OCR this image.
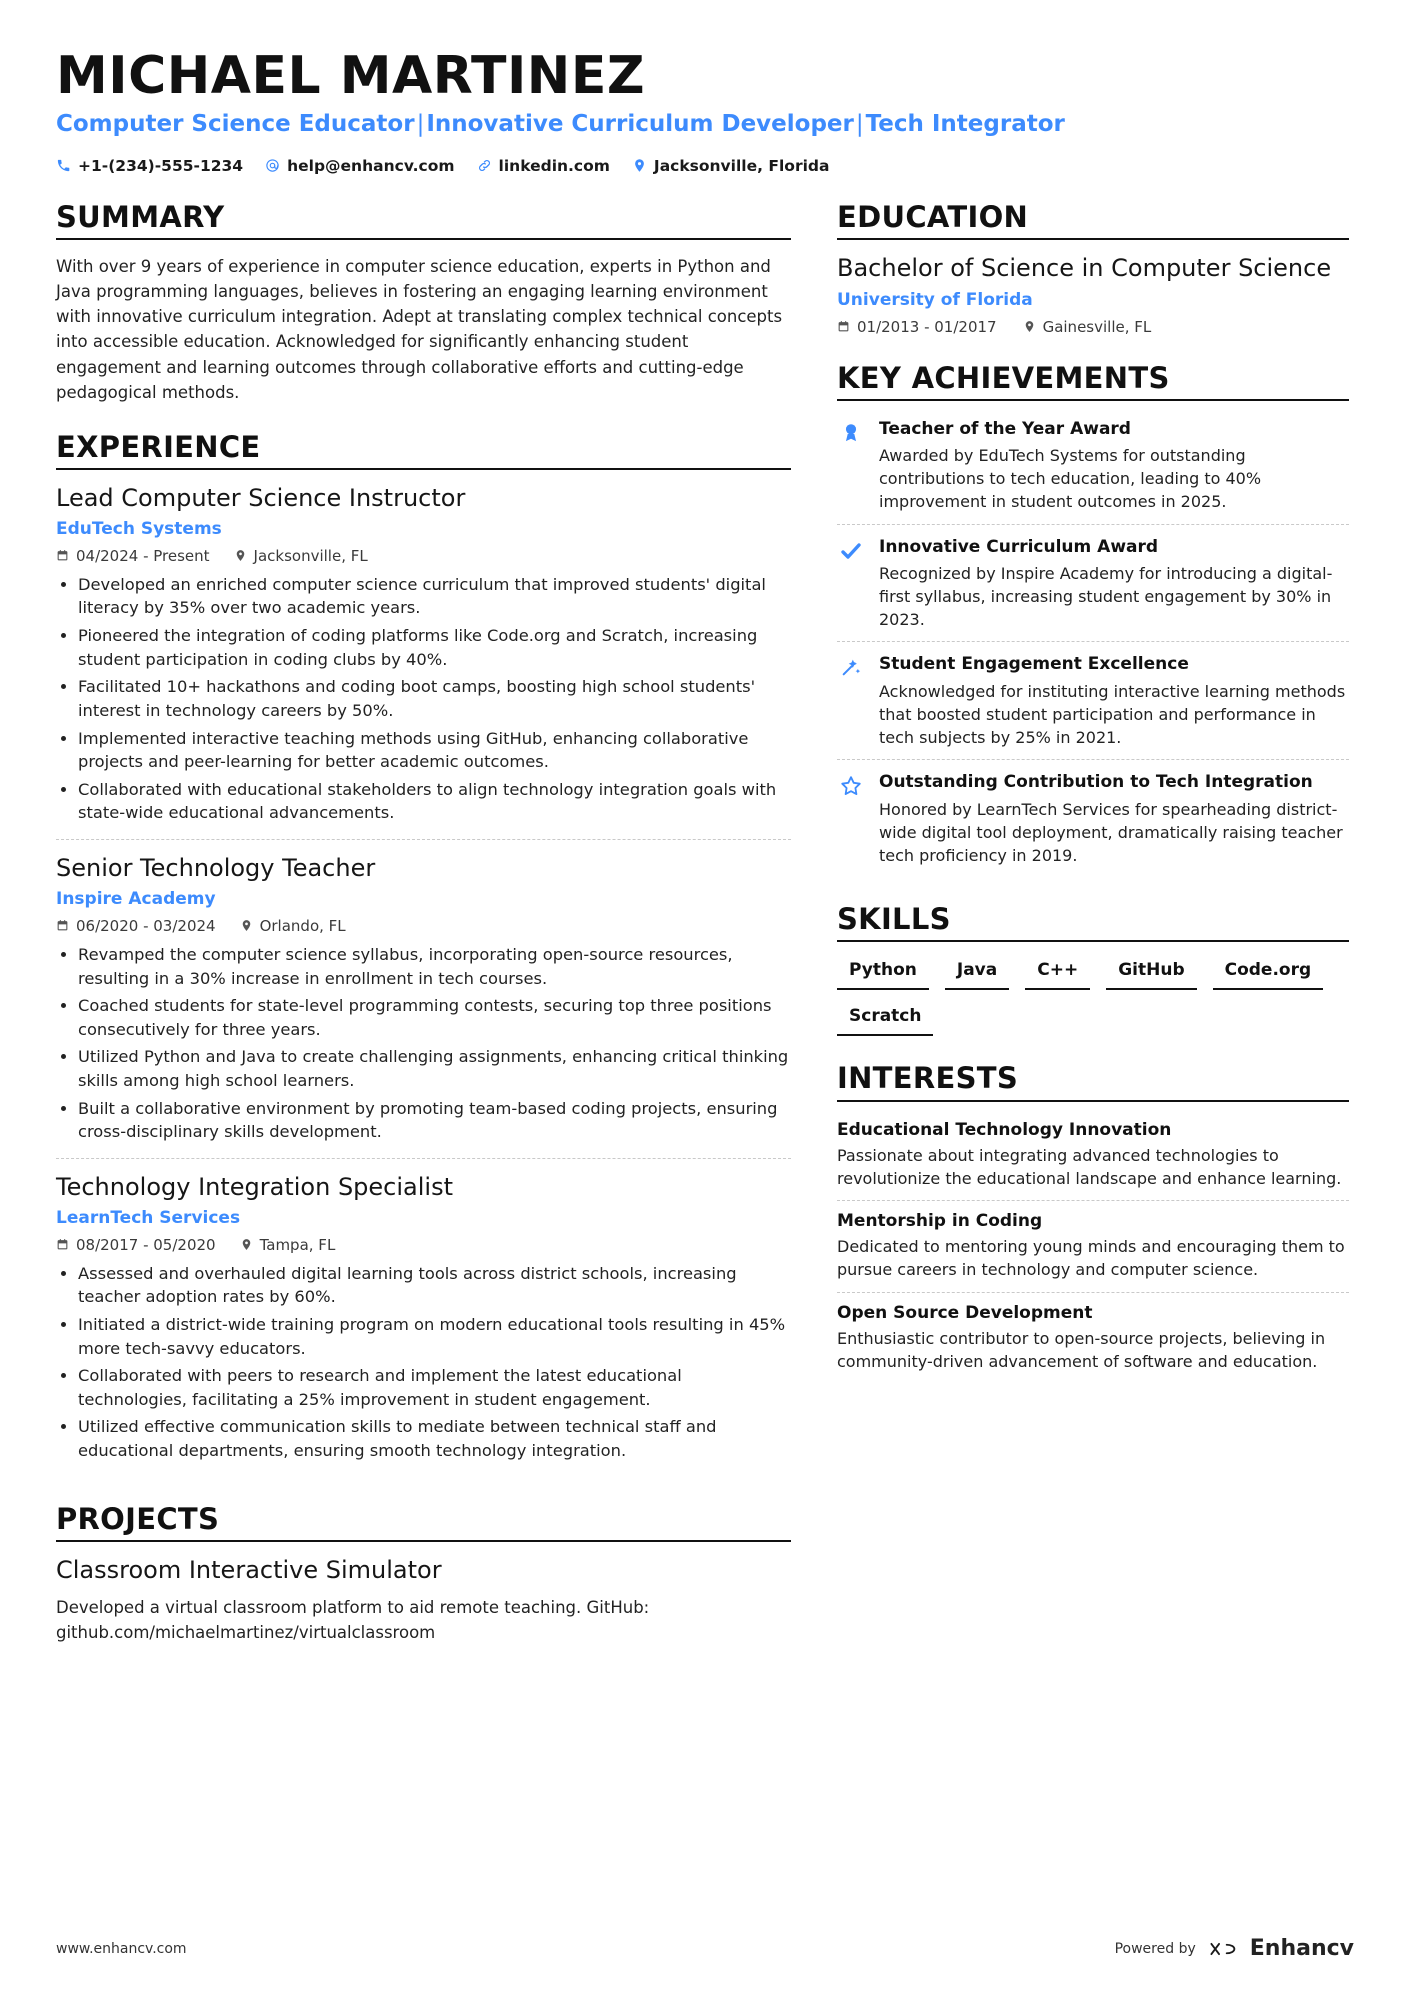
MICHAEL MARTINEZ
Computer Science Educator|Innovative Curriculum Developer|Tech Integrator
+1-(234)-555-1234	help@enhancv.com	linkedin.com	Jacksonville, Florida
SUMMARY
With over 9 years of experience in computer science education, experts in Python and Java programming languages, believes in fostering an engaging learning environment with innovative curriculum integration. Adept at translating complex technical concepts into accessible education. Acknowledged for significantly enhancing student engagement and learning outcomes through collaborative efforts and cutting-edge pedagogical methods.
EXPERIENCE
Lead Computer Science Instructor
EduTech Systems
04/2024 - Present	Jacksonville, FL
• Developed an enriched computer science curriculum that improved students' digital literacy by 35% over two academic years.
• Pioneered the integration of coding platforms like Code.org and Scratch, increasing student participation in coding clubs by 40%.
• Facilitated 10+ hackathons and coding boot camps, boosting high school students' interest in technology careers by 50%.
• Implemented interactive teaching methods using GitHub, enhancing collaborative projects and peer-learning for better academic outcomes.
• Collaborated with educational stakeholders to align technology integration goals with state-wide educational advancements.
Senior Technology Teacher
Inspire Academy
06/2020 - 03/2024	Orlando, FL
• Revamped the computer science syllabus, incorporating open-source resources, resulting in a 30% increase in enrollment in tech courses.
• Coached students for state-level programming contests, securing top three positions consecutively for three years.
• Utilized Python and Java to create challenging assignments, enhancing critical thinking skills among high school learners.
• Built a collaborative environment by promoting team-based coding projects, ensuring cross-disciplinary skills development.
Technology Integration Specialist
LearnTech Services
08/2017 - 05/2020	Tampa, FL
• Assessed and overhauled digital learning tools across district schools, increasing teacher adoption rates by 60%.
• Initiated a district-wide training program on modern educational tools resulting in 45% more tech-savvy educators.
• Collaborated with peers to research and implement the latest educational technologies, facilitating a 25% improvement in student engagement.
• Utilized effective communication skills to mediate between technical staff and educational departments, ensuring smooth technology integration.
PROJECTS
Classroom Interactive Simulator
Developed a virtual classroom platform to aid remote teaching. GitHub: github.com/michaelmartinez/virtualclassroom
EDUCATION
Bachelor of Science in Computer Science
University of Florida
01/2013 - 01/2017	Gainesville, FL
KEY ACHIEVEMENTS
Teacher of the Year Award
Awarded by EduTech Systems for outstanding contributions to tech education, leading to 40% improvement in student outcomes in 2025.
Innovative Curriculum Award
Recognized by Inspire Academy for introducing a digital-first syllabus, increasing student engagement by 30% in 2023.
Student Engagement Excellence
Acknowledged for instituting interactive learning methods that boosted student participation and performance in tech subjects by 25% in 2021.
Outstanding Contribution to Tech Integration
Honored by LearnTech Services for spearheading district-wide digital tool deployment, dramatically raising teacher tech proficiency in 2019.
SKILLS
Python	Java	C++	GitHub	Code.org
Scratch
INTERESTS
Educational Technology Innovation
Passionate about integrating advanced technologies to revolutionize the educational landscape and enhance learning.
Mentorship in Coding
Dedicated to mentoring young minds and encouraging them to pursue careers in technology and computer science.
Open Source Development
Enthusiastic contributor to open-source projects, believing in community-driven advancement of software and education.
www.enhancv.com	Powered by Enhancv
